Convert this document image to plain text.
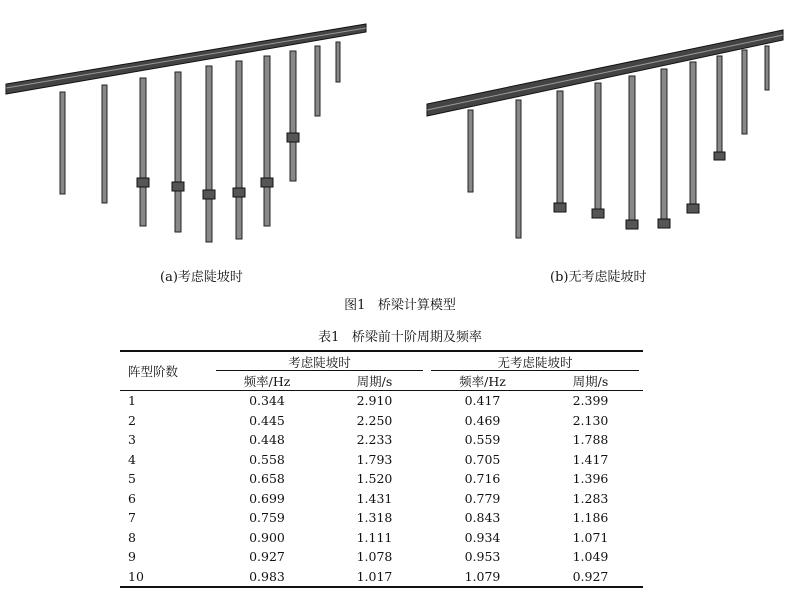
(a)考虑陡坡时	(b)无考虑陡坡时
图1   桥梁计算模型
表1   桥梁前十阶周期及频率
阵型阶数	考虑陡坡时		无考虑陡坡时	

	频率/Hz	周期/s	频率/Hz	周期/s
1	0.344	2.910	0.417	2.399
2	0.445	2.250	0.469	2.130
3	0.448	2.233	0.559	1.788
4	0.558	1.793	0.705	1.417
5	0.658	1.520	0.716	1.396
6	0.699	1.431	0.779	1.283
7	0.759	1.318	0.843	1.186
8	0.900	1.111	0.934	1.071
9	0.927	1.078	0.953	1.049
10	0.983	1.017	1.079	0.927
